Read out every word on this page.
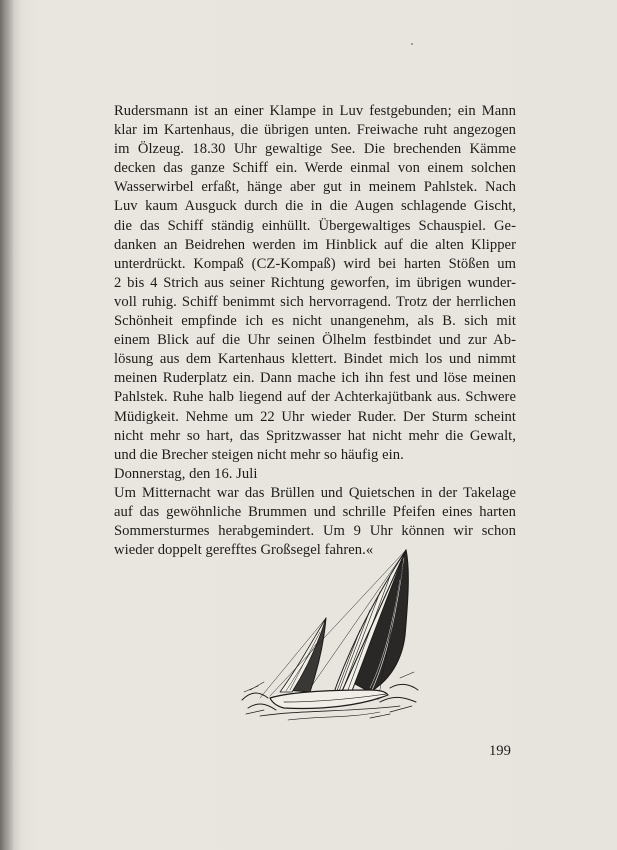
Rudersmann ist an einer Klampe in Luv festgebunden; ein Mann
klar im Kartenhaus, die übrigen unten. Freiwache ruht angezogen
im Ölzeug. 18.30 Uhr gewaltige See. Die brechenden Kämme
decken das ganze Schiff ein. Werde einmal von einem solchen
Wasserwirbel erfaßt, hänge aber gut in meinem Pahlstek. Nach
Luv kaum Ausguck durch die in die Augen schlagende Gischt,
die das Schiff ständig einhüllt. Übergewaltiges Schauspiel. Ge-
danken an Beidrehen werden im Hinblick auf die alten Klipper
unterdrückt. Kompaß (CZ-Kompaß) wird bei harten Stößen um
2 bis 4 Strich aus seiner Richtung geworfen, im übrigen wunder-
voll ruhig. Schiff benimmt sich hervorragend. Trotz der herrlichen
Schönheit empfinde ich es nicht unangenehm, als B. sich mit
einem Blick auf die Uhr seinen Ölhelm festbindet und zur Ab-
lösung aus dem Kartenhaus klettert. Bindet mich los und nimmt
meinen Ruderplatz ein. Dann mache ich ihn fest und löse meinen
Pahlstek. Ruhe halb liegend auf der Achterkajütbank aus. Schwere
Müdigkeit. Nehme um 22 Uhr wieder Ruder. Der Sturm scheint
nicht mehr so hart, das Spritzwasser hat nicht mehr die Gewalt,
und die Brecher steigen nicht mehr so häufig ein.
Donnerstag, den 16. Juli
Um Mitternacht war das Brüllen und Quietschen in der Takelage
auf das gewöhnliche Brummen und schrille Pfeifen eines harten
Sommersturmes herabgemindert. Um 9 Uhr können wir schon
wieder doppelt gerefftes Großsegel fahren.«
199
